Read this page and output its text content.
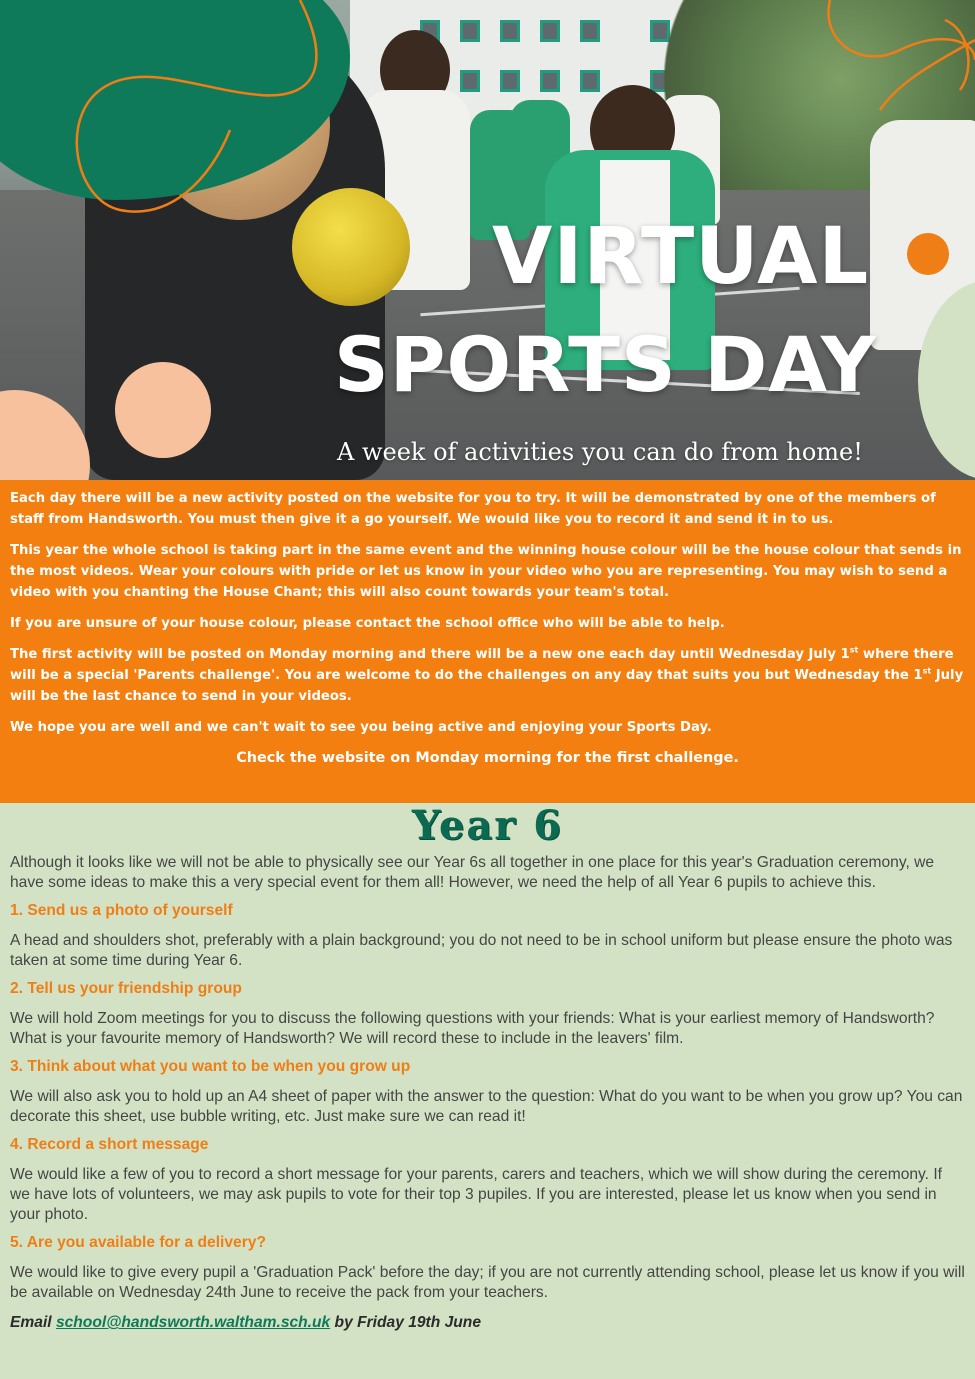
VIRTUAL
SPORTS DAY
A week of activities you can do from home!

Each day there will be a new activity posted on the website for you to try. It will be demonstrated by one of the members of staff from Handsworth. You must then give it a go yourself. We would like you to record it and send it in to us.

This year the whole school is taking part in the same event and the winning house colour will be the house colour that sends in the most videos. Wear your colours with pride or let us know in your video who you are representing. You may wish to send a video with you chanting the House Chant; this will also count towards your team's total.

If you are unsure of your house colour, please contact the school office who will be able to help.

The first activity will be posted on Monday morning and there will be a new one each day until Wednesday July 1st where there will be a special 'Parents challenge'. You are welcome to do the challenges on any day that suits you but Wednesday the 1st July will be the last chance to send in your videos.

We hope you are well and we can't wait to see you being active and enjoying your Sports Day.

Check the website on Monday morning for the first challenge.

Year 6

Although it looks like we will not be able to physically see our Year 6s all together in one place for this year's Graduation ceremony, we have some ideas to make this a very special event for them all! However, we need the help of all Year 6 pupils to achieve this.

1. Send us a photo of yourself

A head and shoulders shot, preferably with a plain background; you do not need to be in school uniform but please ensure the photo was taken at some time during Year 6.

2. Tell us your friendship group

We will hold Zoom meetings for you to discuss the following questions with your friends: What is your earliest memory of Handsworth? What is your favourite memory of Handsworth? We will record these to include in the leavers' film.

3. Think about what you want to be when you grow up

We will also ask you to hold up an A4 sheet of paper with the answer to the question: What do you want to be when you grow up? You can decorate this sheet, use bubble writing, etc. Just make sure we can read it!

4. Record a short message

We would like a few of you to record a short message for your parents, carers and teachers, which we will show during the ceremony. If we have lots of volunteers, we may ask pupils to vote for their top 3 pupiles. If you are interested, please let us know when you send in your photo.

5. Are you available for a delivery?

We would like to give every pupil a 'Graduation Pack' before the day; if you are not currently attending school, please let us know if you will be available on Wednesday 24th June to receive the pack from your teachers.

Email school@handsworth.waltham.sch.uk by Friday 19th June
